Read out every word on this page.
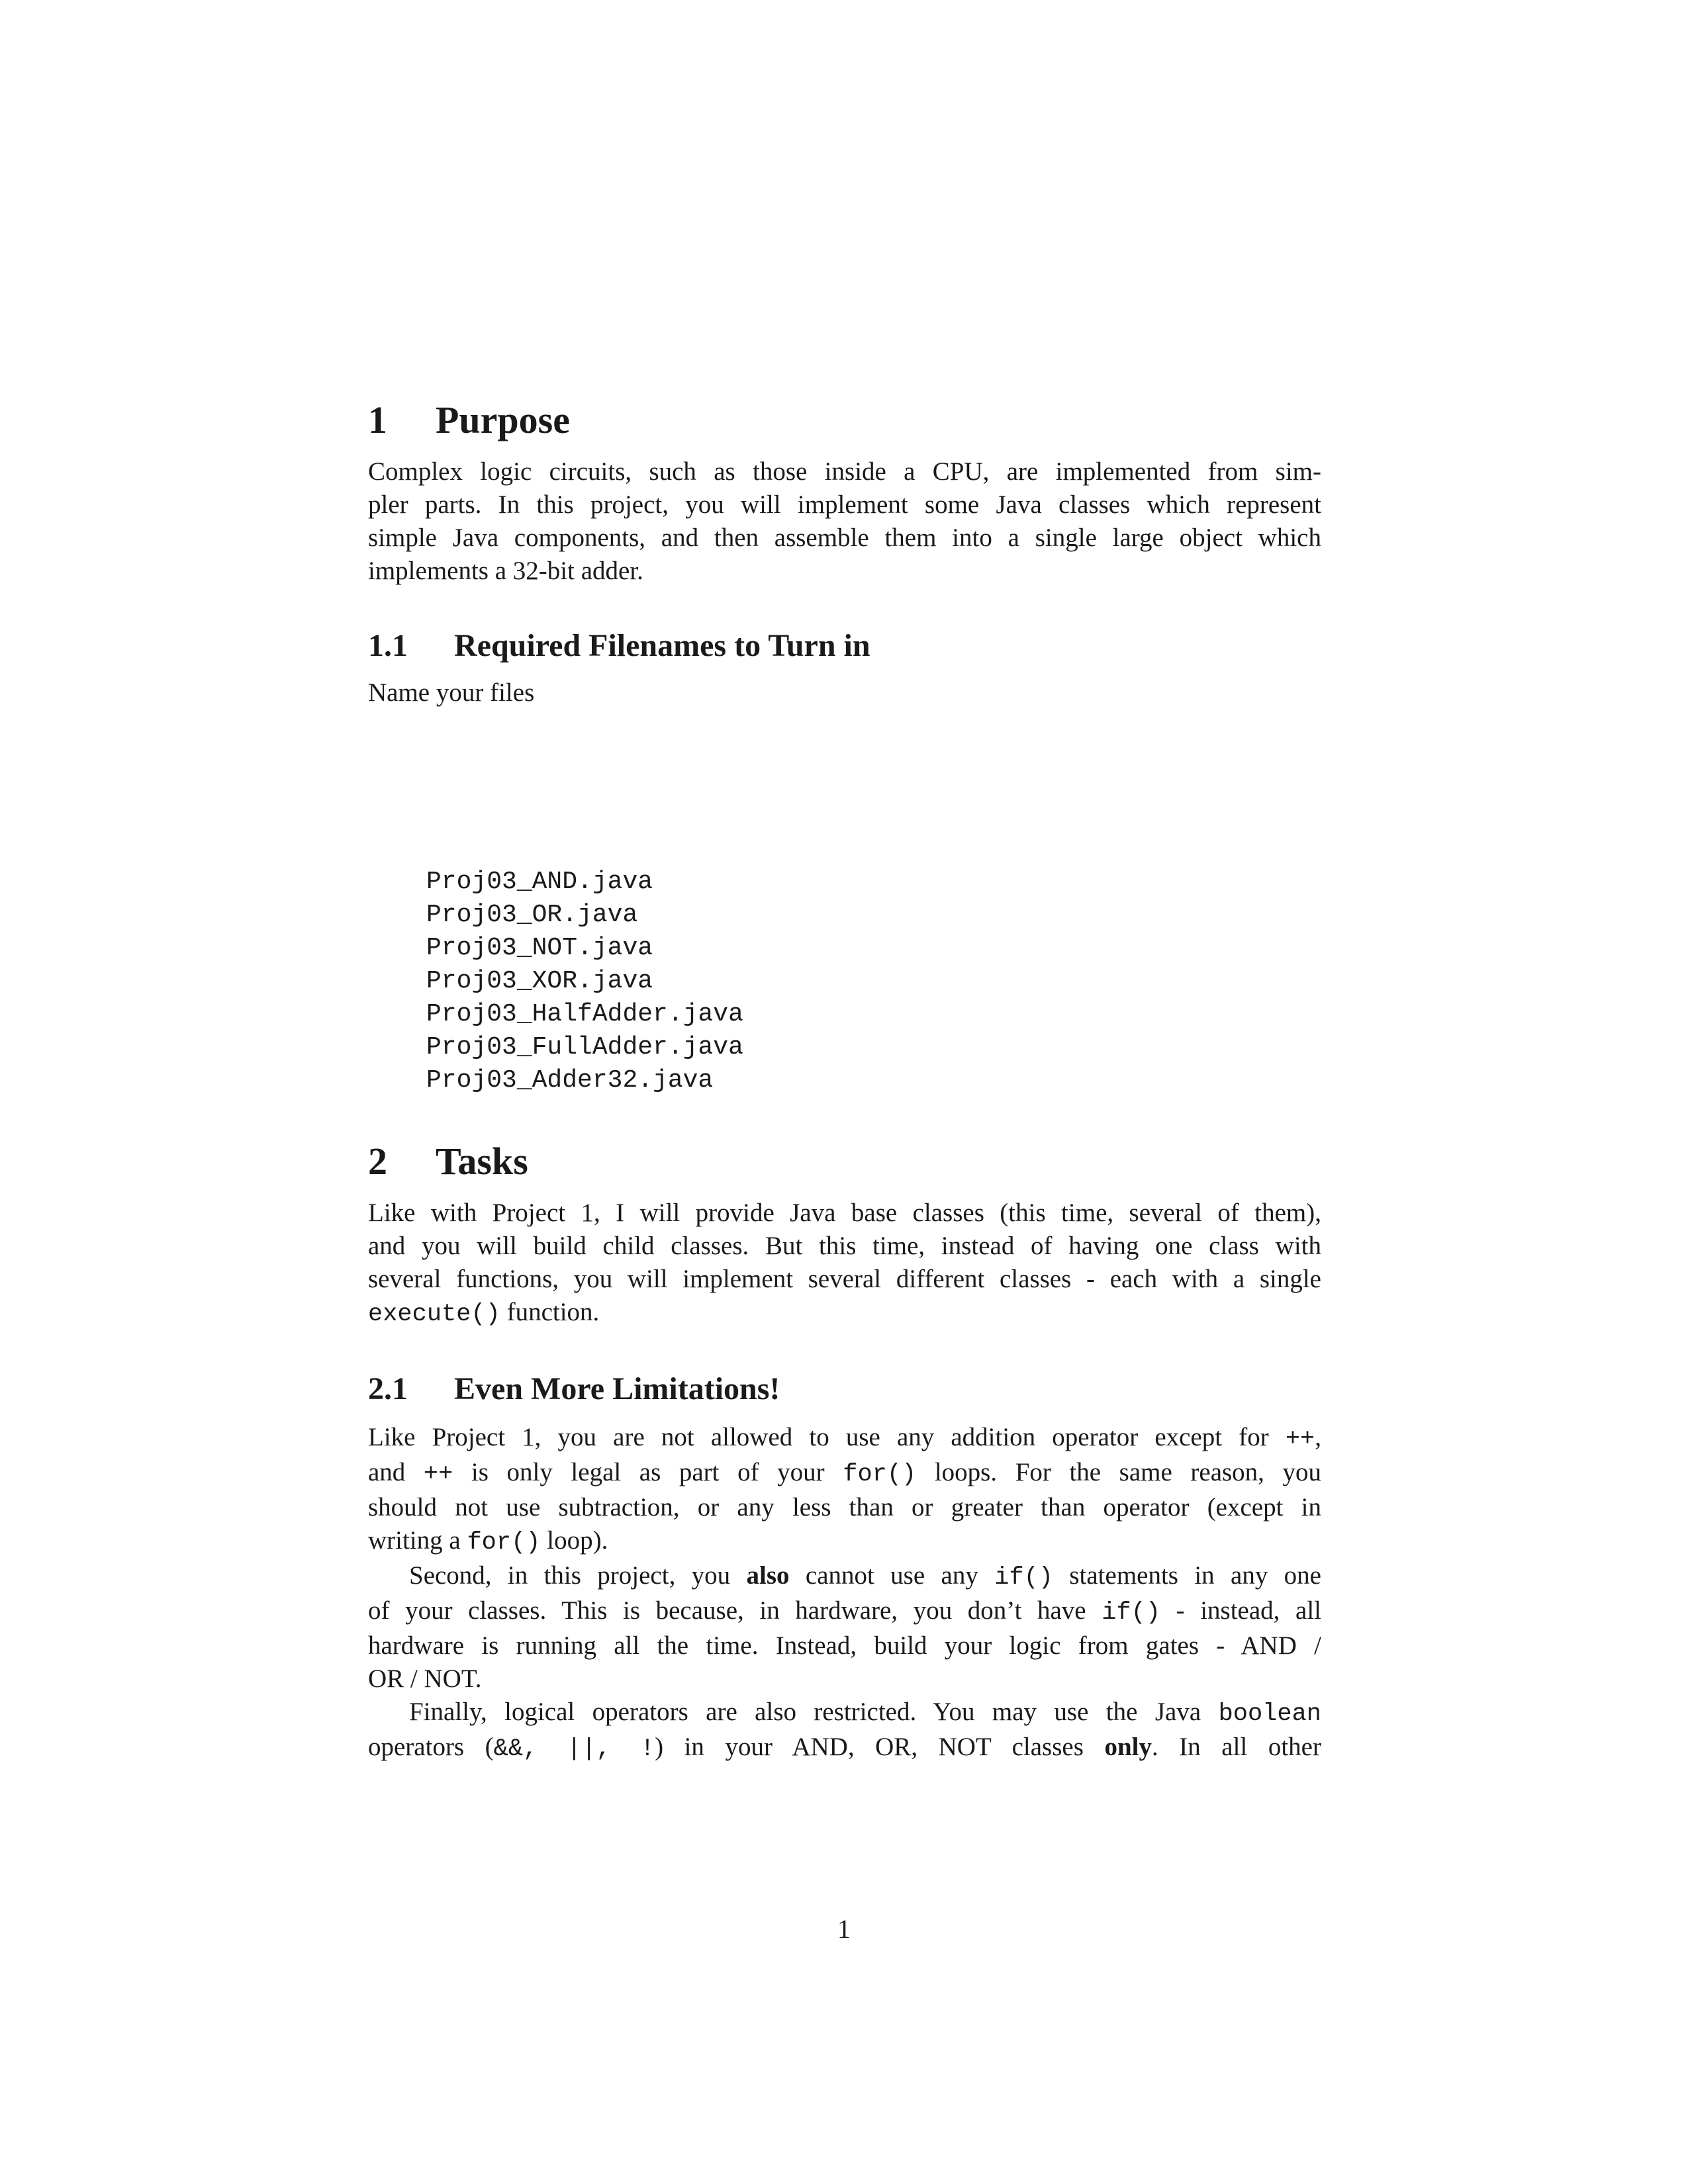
1	Purpose

Complex logic circuits, such as those inside a CPU, are implemented from sim-
pler parts. In this project, you will implement some Java classes which represent
simple Java components, and then assemble them into a single large object which
implements a 32-bit adder.

1.1	Required Filenames to Turn in

Name your files

Proj03_AND.java
Proj03_OR.java
Proj03_NOT.java
Proj03_XOR.java
Proj03_HalfAdder.java
Proj03_FullAdder.java
Proj03_Adder32.java
2	Tasks

Like with Project 1, I will provide Java base classes (this time, several of them),
and you will build child classes. But this time, instead of having one class with
several functions, you will implement several different classes - each with a single
execute() function.

2.1	Even More Limitations!

Like Project 1, you are not allowed to use any addition operator except for ++,
and ++ is only legal as part of your for() loops. For the same reason, you
should not use subtraction, or any less than or greater than operator (except in
writing a for() loop).

Second, in this project, you also cannot use any if() statements in any one
of your classes. This is because, in hardware, you don’t have if() - instead, all
hardware is running all the time. Instead, build your logic from gates - AND /
OR / NOT.

Finally, logical operators are also restricted. You may use the Java boolean
operators (&&, ||, !) in your AND, OR, NOT classes only. In all other

1
